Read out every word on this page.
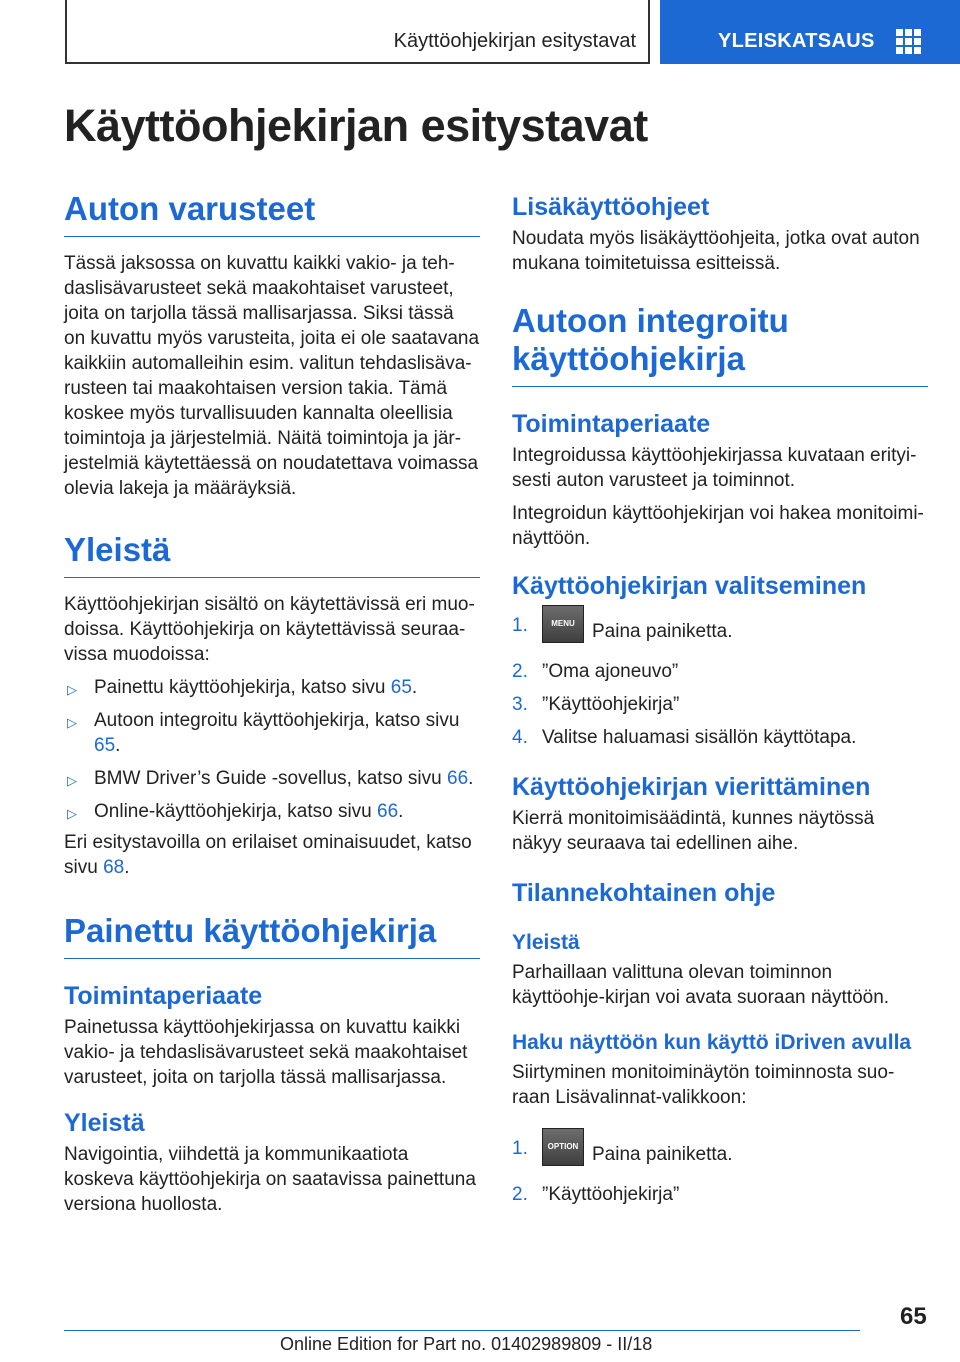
Käyttöohjekirjan esitystavat	YLEISKATSAUS
Käyttöohjekirjan esitystavat
Auton varusteet

Tässä jaksossa on kuvattu kaikki vakio- ja teh-daslisävarusteet sekä maakohtaiset varusteet, joita on tarjolla tässä mallisarjassa. Siksi tässä on kuvattu myös varusteita, joita ei ole saatavana kaikkiin automalleihin esim. valitun tehdaslisäva-rusteen tai maakohtaisen version takia. Tämä koskee myös turvallisuuden kannalta oleellisia toimintoja ja järjestelmiä. Näitä toimintoja ja jär-jestelmiä käytettäessä on noudatettava voimassa olevia lakeja ja määräyksiä.

Yleistä

Käyttöohjekirjan sisältö on käytettävissä eri muo-doissa. Käyttöohjekirja on käytettävissä seuraa-vissa muodoissa:

▷ Painettu käyttöohjekirja, katso sivu 65.
▷ Autoon integroitu käyttöohjekirja, katso sivu 65.
▷ BMW Driver’s Guide -sovellus, katso sivu 66.
▷ Online-käyttöohjekirja, katso sivu 66.

Eri esitystavoilla on erilaiset ominaisuudet, katso sivu 68.

Painettu käyttöohjekirja
Toimintaperiaate

Painetussa käyttöohjekirjassa on kuvattu kaikki vakio- ja tehdaslisävarusteet sekä maakohtaiset varusteet, joita on tarjolla tässä mallisarjassa.

Yleistä

Navigointia, viihdettä ja kommunikaatiota koskeva käyttöohjekirja on saatavissa painettuna versiona huollosta.

Lisäkäyttöohjeet

Noudata myös lisäkäyttöohjeita, jotka ovat auton mukana toimitetuissa esitteissä.

Autoon integroitu käyttöohjekirja
Toimintaperiaate

Integroidussa käyttöohjekirjassa kuvataan erityi-sesti auton varusteet ja toiminnot.

Integroidun käyttöohjekirjan voi hakea monitoimi-näyttöön.

Käyttöohjekirjan valitseminen
1.	MENU Paina painiketta.
2. ”Oma ajoneuvo”
3. ”Käyttöohjekirja”
4. Valitse haluamasi sisällön käyttötapa.
Käyttöohjekirjan vierittäminen

Kierrä monitoimisäädintä, kunnes näytössä näkyy seuraava tai edellinen aihe.

Tilannekohtainen ohje
Yleistä

Parhaillaan valittuna olevan toiminnon käyttöohje-kirjan voi avata suoraan näyttöön.

Haku näyttöön kun käyttö iDriven avulla

Siirtyminen monitoiminäytön toiminnosta suo-raan Lisävalinnat-valikkoon:

1. OPTION Paina painiketta.
2. ”Käyttöohjekirja”
65
Online Edition for Part no. 01402989809 - II/18
